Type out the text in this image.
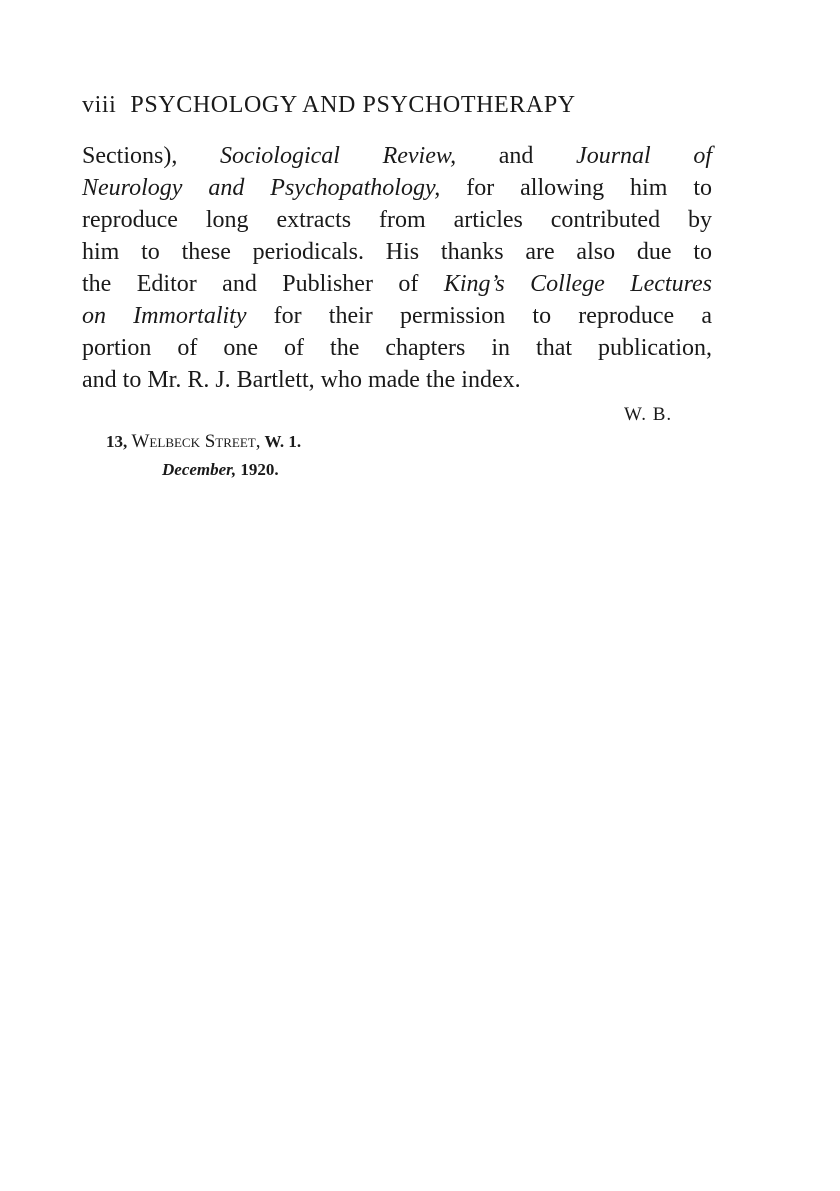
viii PSYCHOLOGY AND PSYCHOTHERAPY
Sections), Sociological Review, and Journal of
Neurology and Psychopathology, for allowing him to
reproduce long extracts from articles contributed by
him to these periodicals. His thanks are also due to
the Editor and Publisher of King’s College Lectures
on Immortality for their permission to reproduce a
portion of one of the chapters in that publication,
and to Mr. R. J. Bartlett, who made the index.
W. B.
13, Welbeck Street, W. 1.
December, 1920.
